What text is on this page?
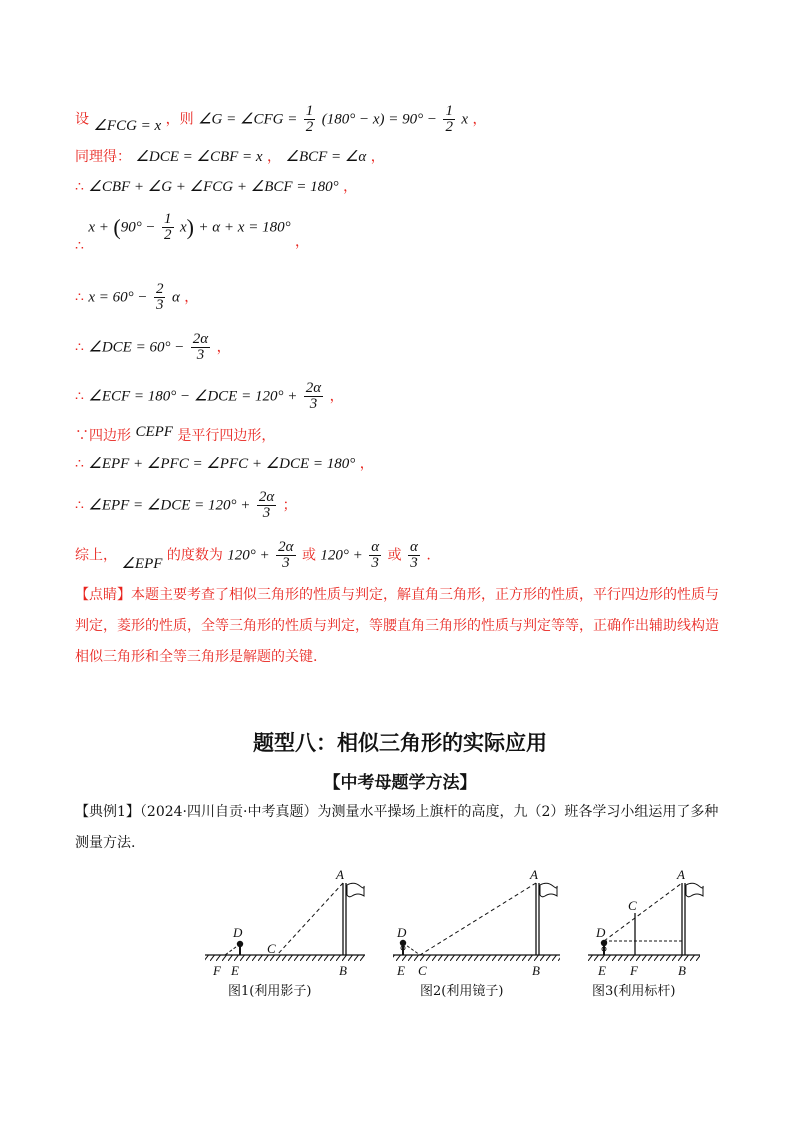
设 ∠FCG = x ，则 ∠G = ∠CFG = $\frac{1}{2} (180^\circ - x) = 90^\circ - \frac{1}{2}$ x ，
同理得： ∠DCE = ∠CBF = x ， ∠BCF = ∠α ，
∴ ∠CBF + ∠G + ∠FCG + ∠BCF = 180° ，
∴ $x + (90^\circ - \frac{1}{2} x) + \alpha + x = 180^\circ$ ，
∴ $x = 60^\circ - \frac{2}{3}$ α ，
∴ ∠DCE = $60^\circ - \frac{2\alpha}{3}$ ，
∴ ∠ECF = 180° − ∠DCE = $120^\circ + \frac{2\alpha}{3}$ ，
∵四边形 CEPF 是平行四边形，
∴ ∠EPF + ∠PFC = ∠PFC + ∠DCE = 180° ，
∴ ∠EPF = ∠DCE = $120^\circ + \frac{2\alpha}{3}$ ；
综上， ∠EPF 的度数为 $120^\circ + \frac{2\alpha}{3}$ 或 $120^\circ + \frac{\alpha}{3}$ 或 $\frac{\alpha}{3}$ .
【点睛】本题主要考查了相似三角形的性质与判定，解直角三角形，正方形的性质，平行四边形的性质与判定，菱形的性质，全等三角形的性质与判定，等腰直角三角形的性质与判定等等，正确作出辅助线构造相似三角形和全等三角形是解题的关键.
题型八：相似三角形的实际应用
【中考母题学方法】
【典例1】（2024·四川自贡·中考真题）为测量水平操场上旗杆的高度，九（2）班各学习小组运用了多种测量方法.
A
D
C
F E	B
图1(利用影子)
A
D
E C	B
图2(利用镜子)
A
C
D
E F	B
图3(利用标杆)
